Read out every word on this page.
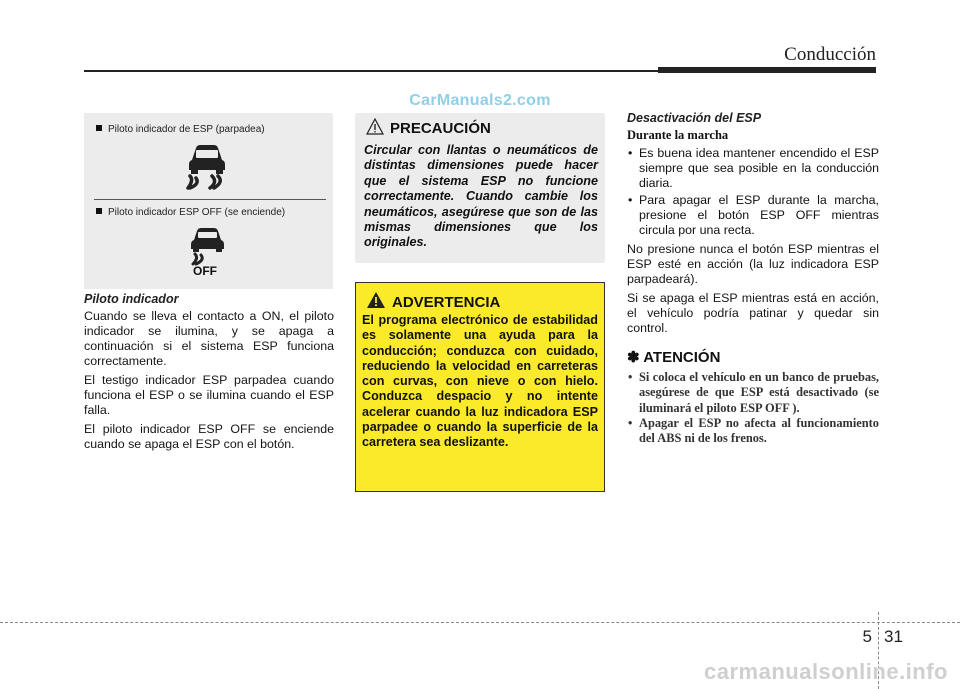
Conducción
CarManuals2.com
Piloto indicador de ESP (parpadea)
Piloto indicador ESP OFF (se enciende)
OFF

Piloto indicador

Cuando se lleva el contacto a ON, el piloto indicador se ilumina, y se apaga a continuación si el sistema ESP funciona correctamente.

El testigo indicador ESP parpadea cuando funciona el ESP o se ilumina cuando el ESP falla.

El piloto indicador ESP OFF se enciende cuando se apaga el ESP con el botón.

PRECAUCIÓN
Circular con llantas o neumáticos de distintas dimensiones puede hacer que el sistema ESP no funcione correctamente. Cuando cambie los neumáticos, asegúrese que son de las mismas dimensiones que los originales.
ADVERTENCIA
El programa electrónico de estabilidad es solamente una ayuda para la conducción; conduzca con cuidado, reduciendo la velocidad en carreteras con curvas, con nieve o con hielo. Conduzca despacio y no intente acelerar cuando la luz indicadora ESP parpadee o cuando la superficie de la carretera sea deslizante.

Desactivación del ESP

Durante la marcha

• Es buena idea mantener encendido el ESP siempre que sea posible en la conducción diaria.
• Para apagar el ESP durante la marcha, presione el botón ESP OFF mientras circula por una recta.

No presione nunca el botón ESP mientras el ESP esté en acción (la luz indicadora ESP parpadeará).

Si se apaga el ESP mientras está en acción, el vehículo podría patinar y quedar sin control.

✽ ATENCIÓN
• Si coloca el vehículo en un banco de pruebas, asegúrese de que ESP está desactivado (se iluminará el piloto ESP OFF ).
• Apagar el ESP no afecta al funcionamiento del ABS ni de los frenos.
5 31
carmanualsonline.info
